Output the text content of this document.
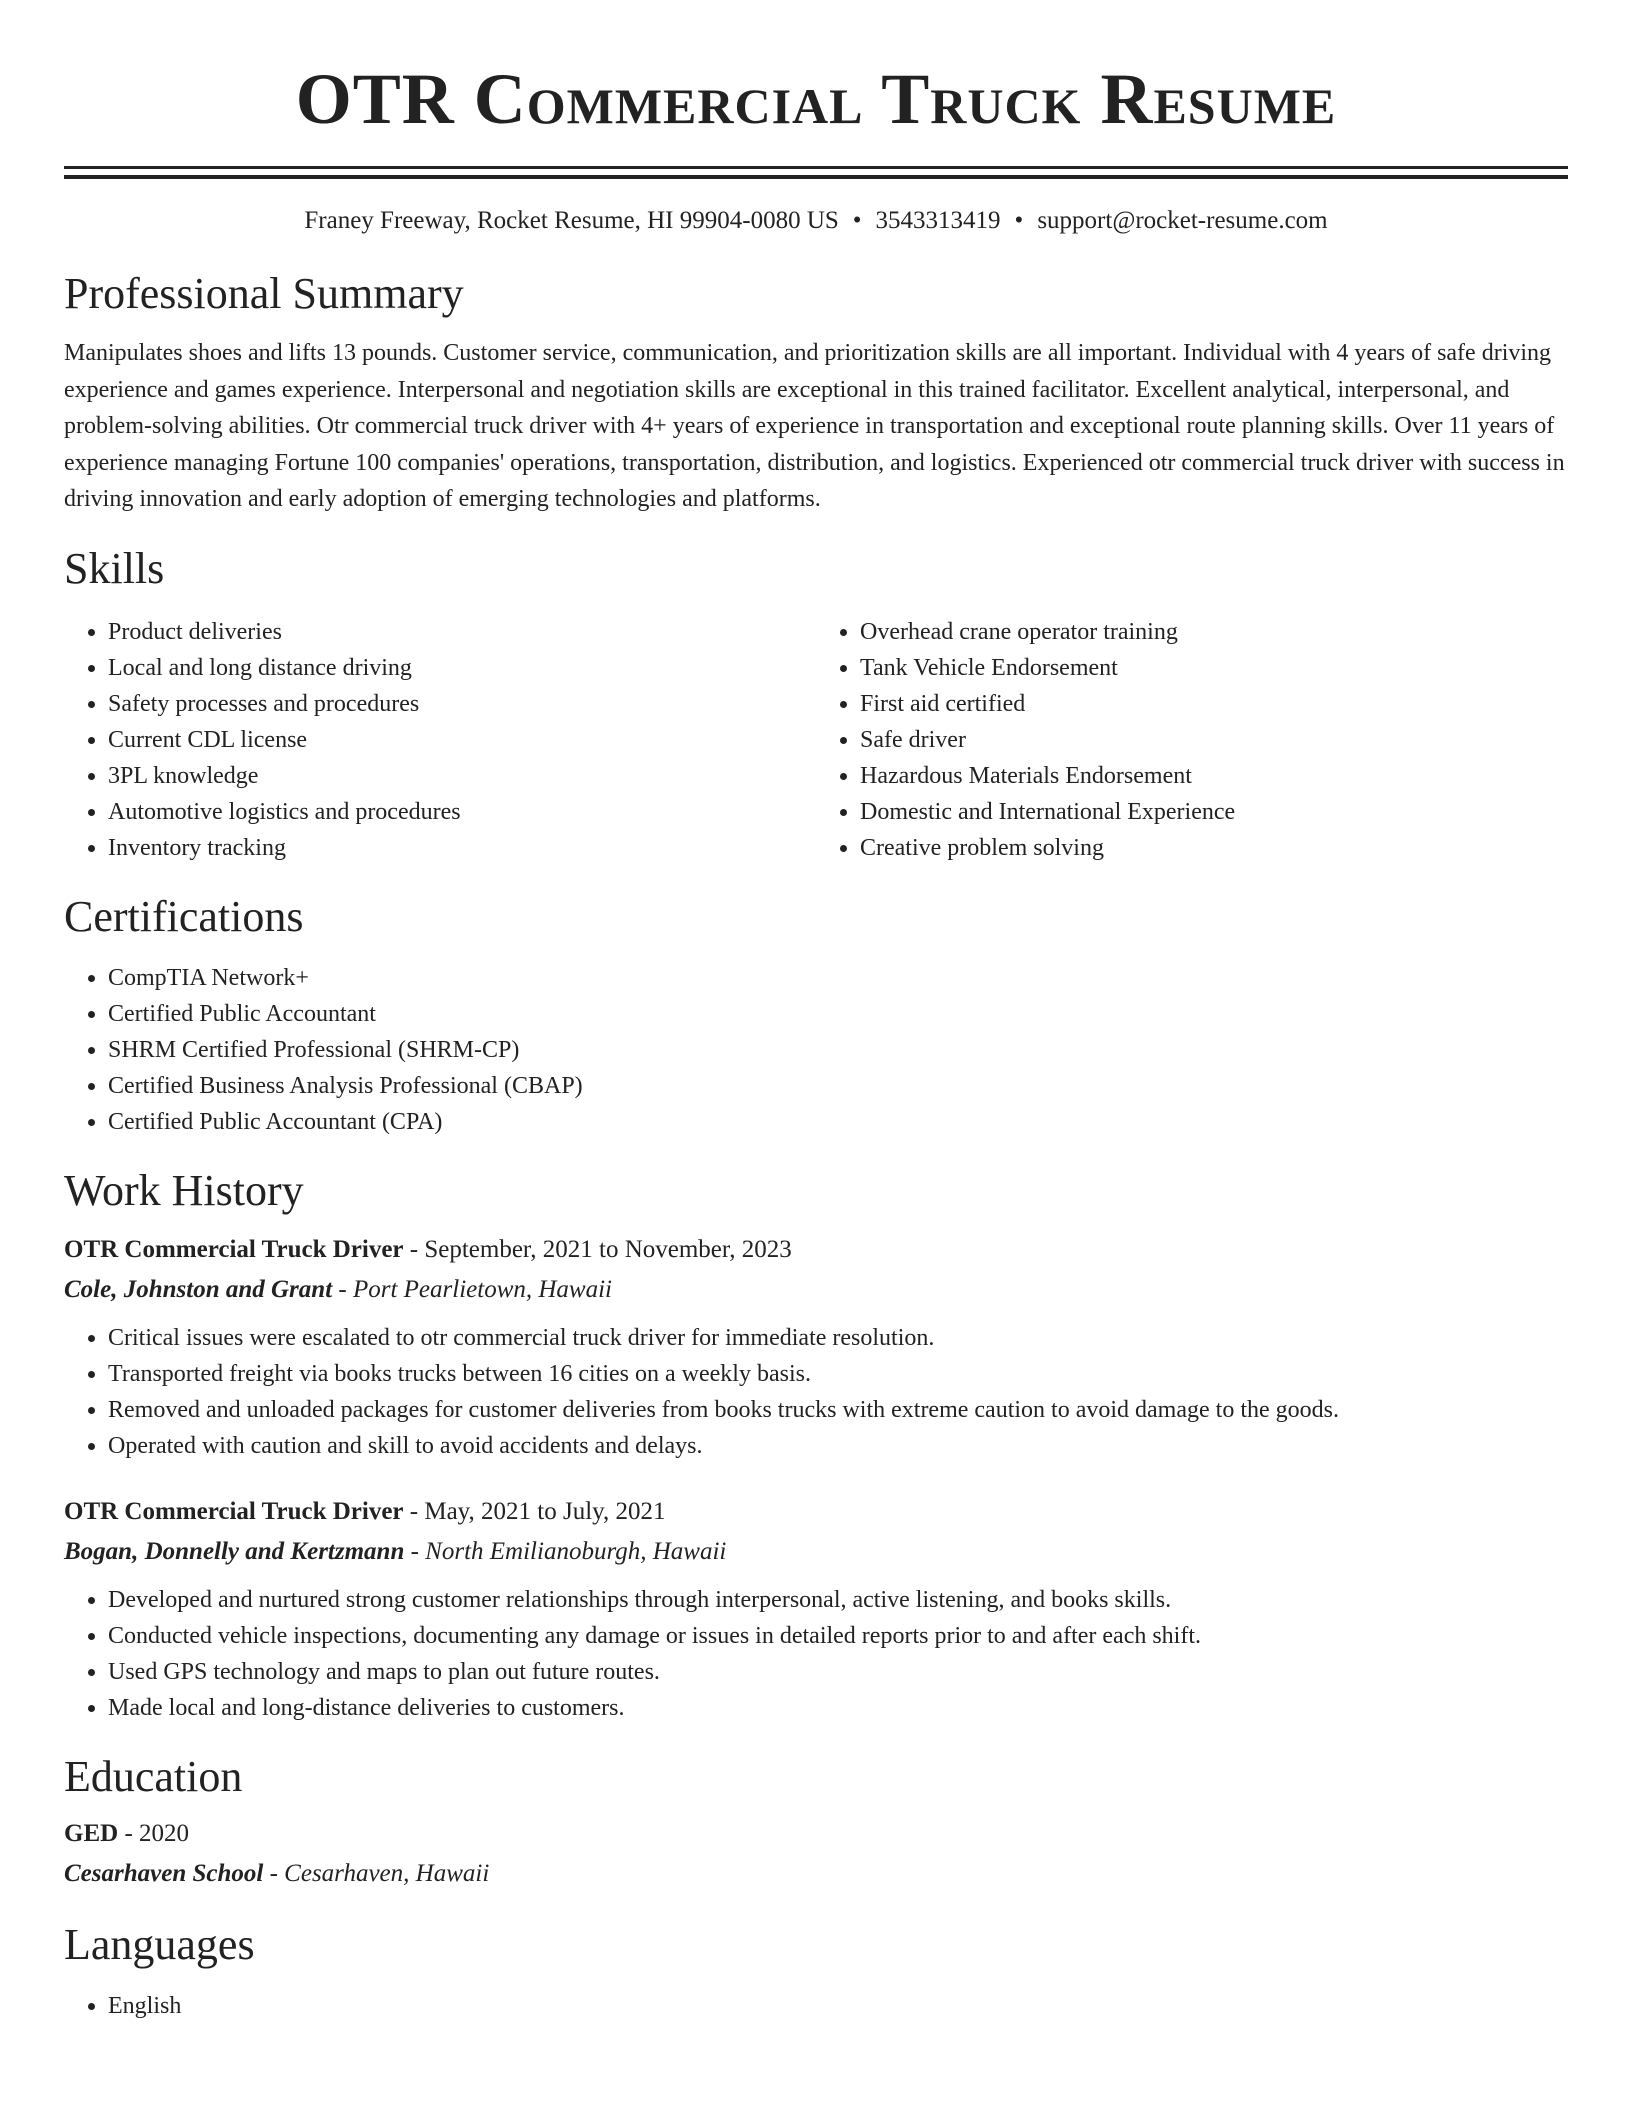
OTR Commercial Truck Resume
Franey Freeway, Rocket Resume, HI 99904-0080 US • 3543313419 • support@rocket-resume.com
Professional Summary

Manipulates shoes and lifts 13 pounds. Customer service, communication, and prioritization skills are all important. Individual with 4 years of safe driving experience and games experience. Interpersonal and negotiation skills are exceptional in this trained facilitator. Excellent analytical, interpersonal, and problem-solving abilities. Otr commercial truck driver with 4+ years of experience in transportation and exceptional route planning skills. Over 11 years of experience managing Fortune 100 companies' operations, transportation, distribution, and logistics. Experienced otr commercial truck driver with success in driving innovation and early adoption of emerging technologies and platforms.

Skills
• Product deliveries
• Local and long distance driving
• Safety processes and procedures
• Current CDL license
• 3PL knowledge
• Automotive logistics and procedures
• Inventory tracking
• Overhead crane operator training
• Tank Vehicle Endorsement
• First aid certified
• Safe driver
• Hazardous Materials Endorsement
• Domestic and International Experience
• Creative problem solving
Certifications
• CompTIA Network+
• Certified Public Accountant
• SHRM Certified Professional (SHRM-CP)
• Certified Business Analysis Professional (CBAP)
• Certified Public Accountant (CPA)
Work History
OTR Commercial Truck Driver - September, 2021 to November, 2023
Cole, Johnston and Grant - Port Pearlietown, Hawaii
• Critical issues were escalated to otr commercial truck driver for immediate resolution.
• Transported freight via books trucks between 16 cities on a weekly basis.
• Removed and unloaded packages for customer deliveries from books trucks with extreme caution to avoid damage to the goods.
• Operated with caution and skill to avoid accidents and delays.
OTR Commercial Truck Driver - May, 2021 to July, 2021
Bogan, Donnelly and Kertzmann - North Emilianoburgh, Hawaii
• Developed and nurtured strong customer relationships through interpersonal, active listening, and books skills.
• Conducted vehicle inspections, documenting any damage or issues in detailed reports prior to and after each shift.
• Used GPS technology and maps to plan out future routes.
• Made local and long-distance deliveries to customers.
Education
GED - 2020
Cesarhaven School - Cesarhaven, Hawaii
Languages
• English
